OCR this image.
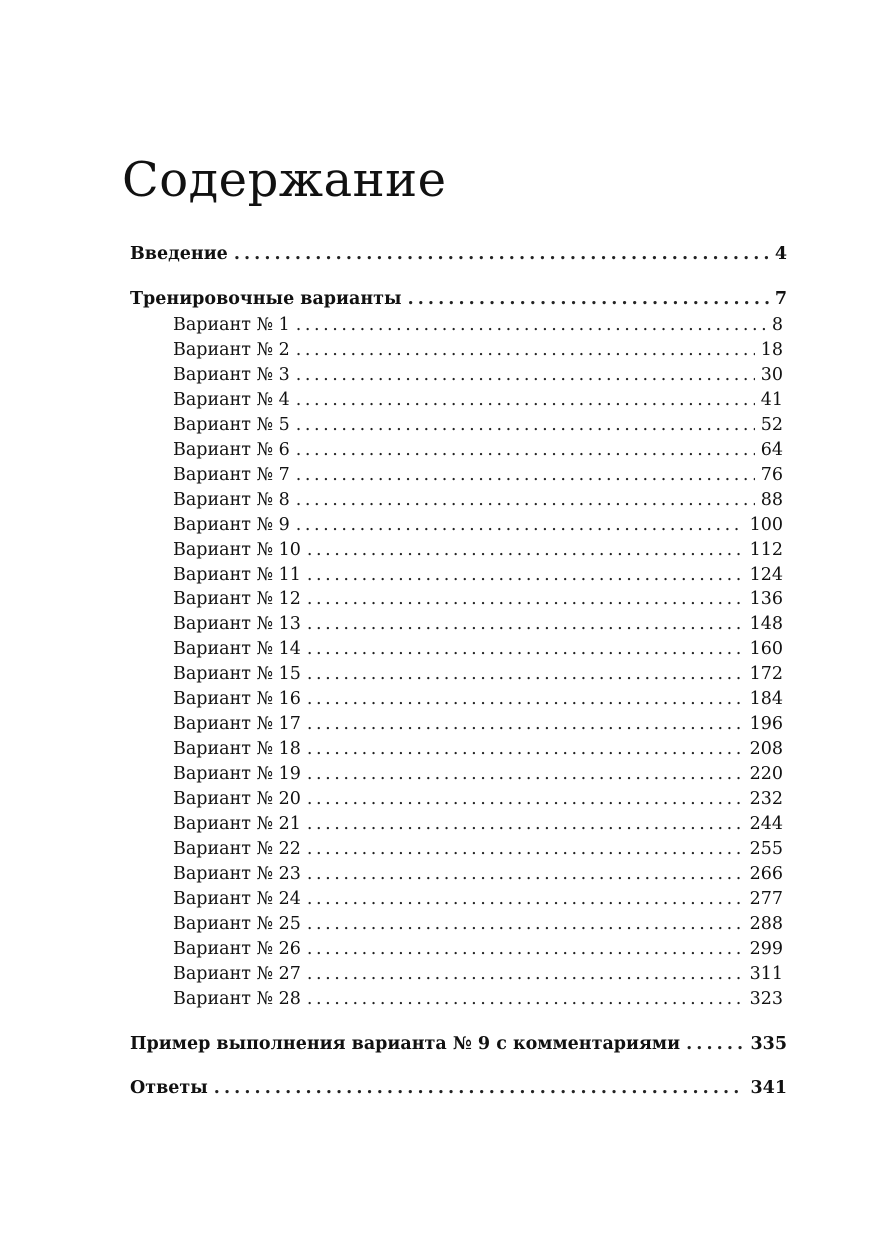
Содержание
Введение . . .	4
Тренировочные варианты . . .	7
Вариант № 1 . . .	8
Вариант № 2 . . .	18
Вариант № 3 . . .	30
Вариант № 4 . . .	41
Вариант № 5 . . .	52
Вариант № 6 . . .	64
Вариант № 7 . . .	76
Вариант № 8 . . .	88
Вариант № 9 . . .	100
Вариант № 10 . . .	112
Вариант № 11 . . .	124
Вариант № 12 . . .	136
Вариант № 13 . . .	148
Вариант № 14 . . .	160
Вариант № 15 . . .	172
Вариант № 16 . . .	184
Вариант № 17 . . .	196
Вариант № 18 . . .	208
Вариант № 19 . . .	220
Вариант № 20 . . .	232
Вариант № 21 . . .	244
Вариант № 22 . . .	255
Вариант № 23 . . .	266
Вариант № 24 . . .	277
Вариант № 25 . . .	288
Вариант № 26 . . .	299
Вариант № 27 . . .	311
Вариант № 28 . . .	323
Пример выполнения варианта № 9 с комментариями . . .	335
Ответы . . .	341
